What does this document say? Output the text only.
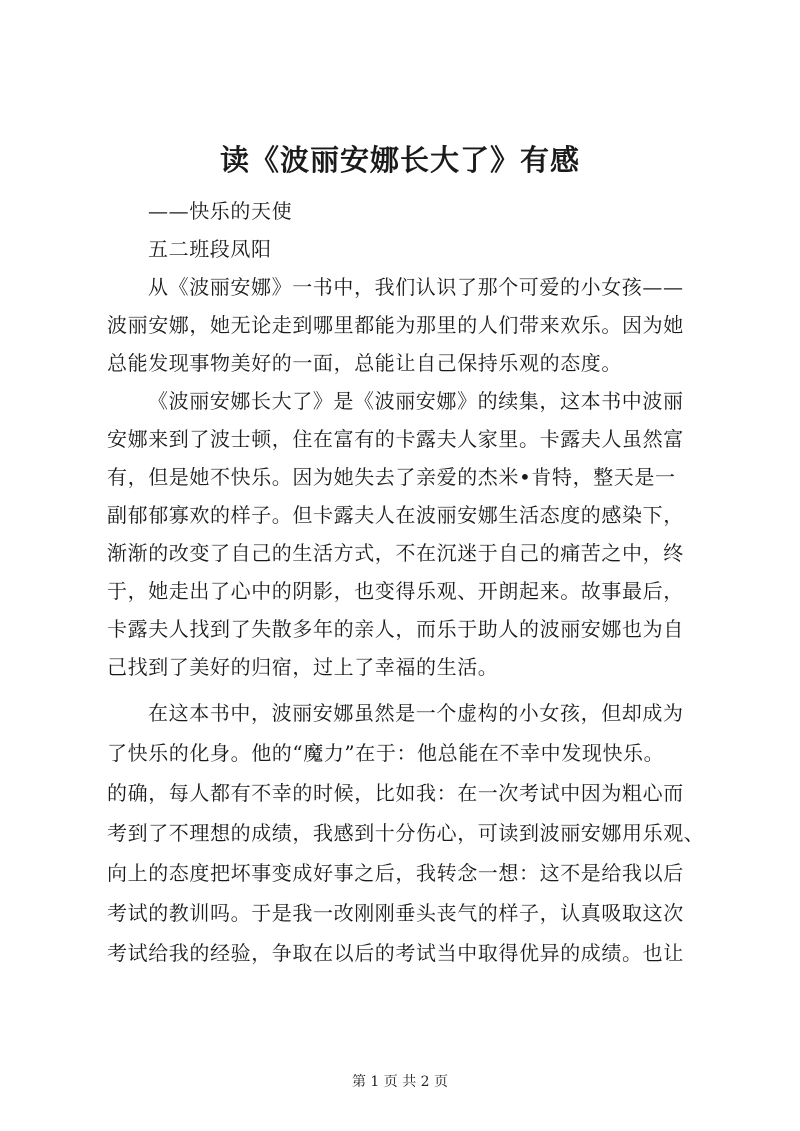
读《波丽安娜长大了》有感
——快乐的天使
五二班段凤阳
从《波丽安娜》一书中，我们认识了那个可爱的小女孩——
波丽安娜，她无论走到哪里都能为那里的人们带来欢乐。因为她
总能发现事物美好的一面，总能让自己保持乐观的态度。
《波丽安娜长大了》是《波丽安娜》的续集，这本书中波丽
安娜来到了波士顿，住在富有的卡露夫人家里。卡露夫人虽然富
有，但是她不快乐。因为她失去了亲爱的杰米•肯特，整天是一
副郁郁寡欢的样子。但卡露夫人在波丽安娜生活态度的感染下，
渐渐的改变了自己的生活方式，不在沉迷于自己的痛苦之中，终
于，她走出了心中的阴影，也变得乐观、开朗起来。故事最后，
卡露夫人找到了失散多年的亲人，而乐于助人的波丽安娜也为自
己找到了美好的归宿，过上了幸福的生活。
在这本书中，波丽安娜虽然是一个虚构的小女孩，但却成为
了快乐的化身。他的“魔力”在于：他总能在不幸中发现快乐。
的确，每人都有不幸的时候，比如我：在一次考试中因为粗心而
考到了不理想的成绩，我感到十分伤心，可读到波丽安娜用乐观、
向上的态度把坏事变成好事之后，我转念一想：这不是给我以后
考试的教训吗。于是我一改刚刚垂头丧气的样子，认真吸取这次
考试给我的经验，争取在以后的考试当中取得优异的成绩。也让
第 1 页 共 2 页
